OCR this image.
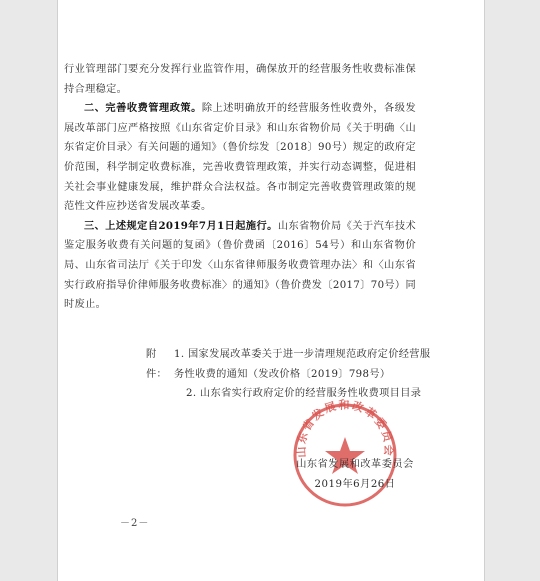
行业管理部门要充分发挥行业监管作用，确保放开的经营服务性收费标准保持合理稳定。

二、完善收费管理政策。除上述明确放开的经营服务性收费外，各级发展改革部门应严格按照《山东省定价目录》和山东省物价局《关于明确〈山东省定价目录〉有关问题的通知》（鲁价综发〔2018〕90号）规定的政府定价范围，科学制定收费标准，完善收费管理政策，并实行动态调整，促进相关社会事业健康发展，维护群众合法权益。各市制定完善收费管理政策的规范性文件应抄送省发展改革委。

三、上述规定自2019年7月1日起施行。山东省物价局《关于汽车技术鉴定服务收费有关问题的复函》（鲁价费函〔2016〕54号）和山东省物价局、山东省司法厅《关于印发〈山东省律师服务收费管理办法〉和〈山东省实行政府指导价律师服务收费标准〉的通知》（鲁价费发〔2017〕70号）同时废止。

附件：
1. 国家发展改革委关于进一步清理规范政府定价经营服务性收费的通知（发改价格〔2019〕798号）
2. 山东省实行政府定价的经营服务性收费项目目录
山东省发展和改革委员会
山东省发展和改革委员会
2019年6月26日
－2－
